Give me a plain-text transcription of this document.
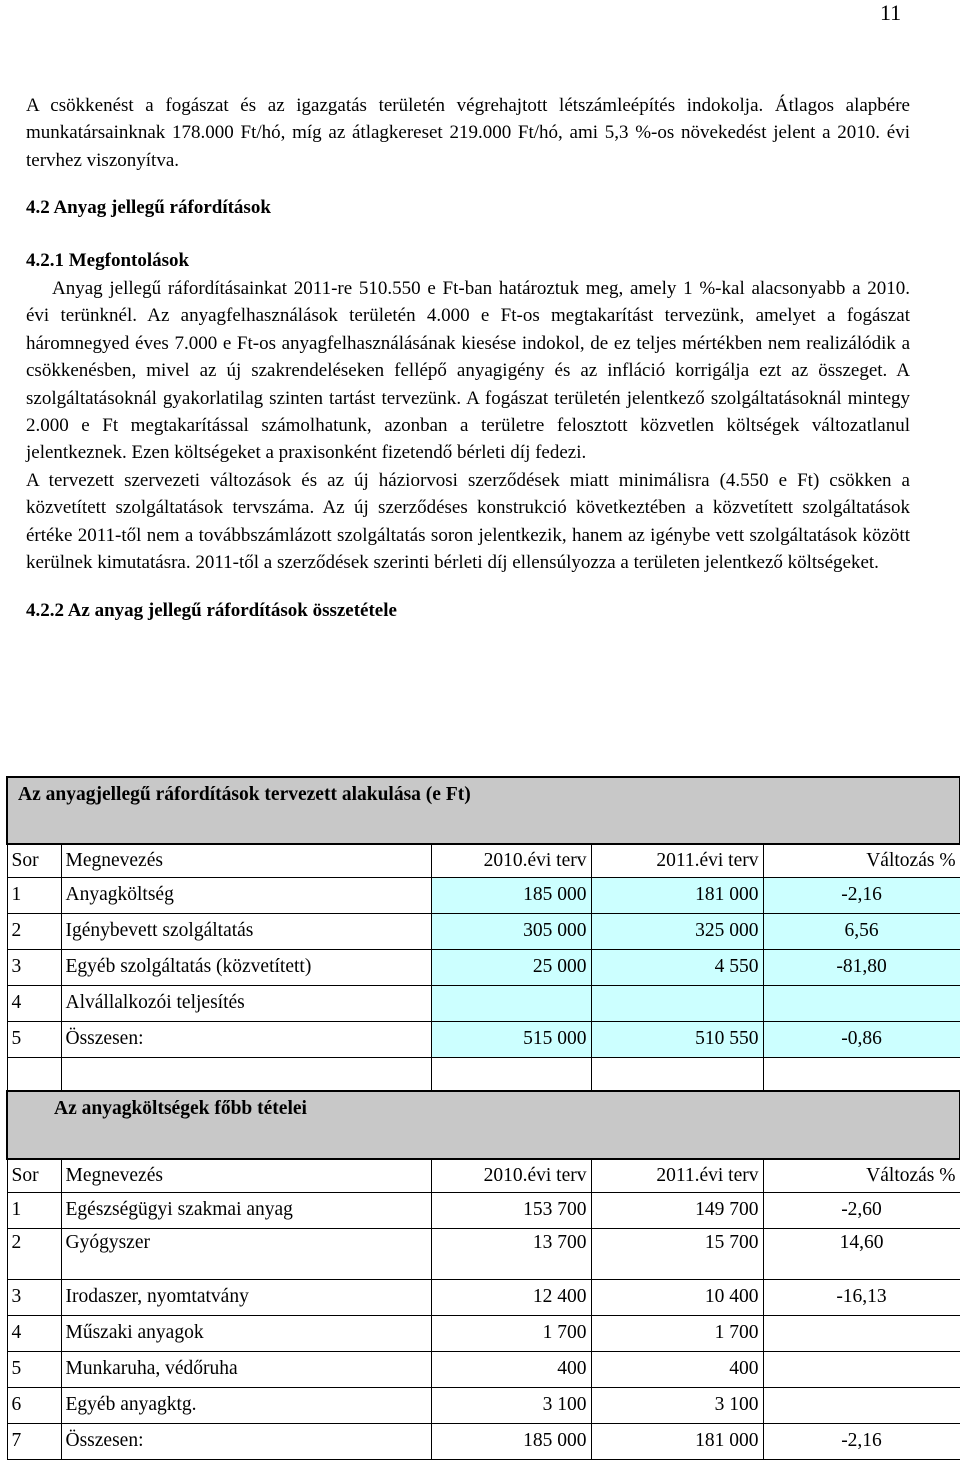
11

A csökkenést a fogászat és az igazgatás területén végrehajtott létszámleépítés indokolja. Átlagos alapbére munkatársainknak 178.000 Ft/hó, míg az átlagkereset 219.000 Ft/hó, ami 5,3 %-os növekedést jelent a 2010. évi tervhez viszonyítva.

4.2 Anyag jellegű ráfordítások

4.2.1 Megfontolások

Anyag jellegű ráfordításainkat 2011-re 510.550 e Ft-ban határoztuk meg, amely 1 %-kal alacsonyabb a 2010. évi terünknél. Az anyagfelhasználások területén 4.000 e Ft-os megtakarítást tervezünk, amelyet a fogászat háromnegyed éves 7.000 e Ft-os anyagfelhasználásának kiesése indokol, de ez teljes mértékben nem realizálódik a csökkenésben, mivel az új szakrendeléseken fellépő anyagigény és az infláció korrigálja ezt az összeget. A szolgáltatásoknál gyakorlatilag szinten tartást tervezünk. A fogászat területén jelentkező szolgáltatásoknál mintegy 2.000 e Ft megtakarítással számolhatunk, azonban a területre felosztott közvetlen költségek változatlanul jelentkeznek. Ezen költségeket a praxisonként fizetendő bérleti díj fedezi.

A tervezett szervezeti változások és az új háziorvosi szerződések miatt minimálisra (4.550 e Ft) csökken a közvetített szolgáltatások tervszáma. Az új szerződéses konstrukció következtében a közvetített szolgáltatások értéke 2011-től nem a továbbszámlázott szolgáltatás soron jelentkezik, hanem az igénybe vett szolgáltatások között kerülnek kimutatásra. 2011-től a szerződések szerinti bérleti díj ellensúlyozza a területen jelentkező költségeket.

4.2.2 Az anyag jellegű ráfordítások összetétele

Az anyagjellegű ráfordítások tervezett alakulása (e Ft)				
Sor	Megnevezés	2010.évi terv	2011.évi terv	Változás %
1	Anyagköltség	185 000	181 000	-2,16
2	Igénybevett szolgáltatás	305 000	325 000	6,56
3	Egyéb szolgáltatás (közvetített)	25 000	4 550	-81,80
4	Alvállalkozói teljesítés			
5	Összesen:	515 000	510 550	-0,86

Az anyagköltségek főbb tételei				
Sor	Megnevezés	2010.évi terv	2011.évi terv	Változás %
1	Egészségügyi szakmai anyag	153 700	149 700	-2,60
2	Gyógyszer	13 700	15 700	14,60
3	Irodaszer, nyomtatvány	12 400	10 400	-16,13
4	Műszaki anyagok	1 700	1 700	
5	Munkaruha, védőruha	400	400	
6	Egyéb anyagktg.	3 100	3 100	
7	Összesen:	185 000	181 000	-2,16
